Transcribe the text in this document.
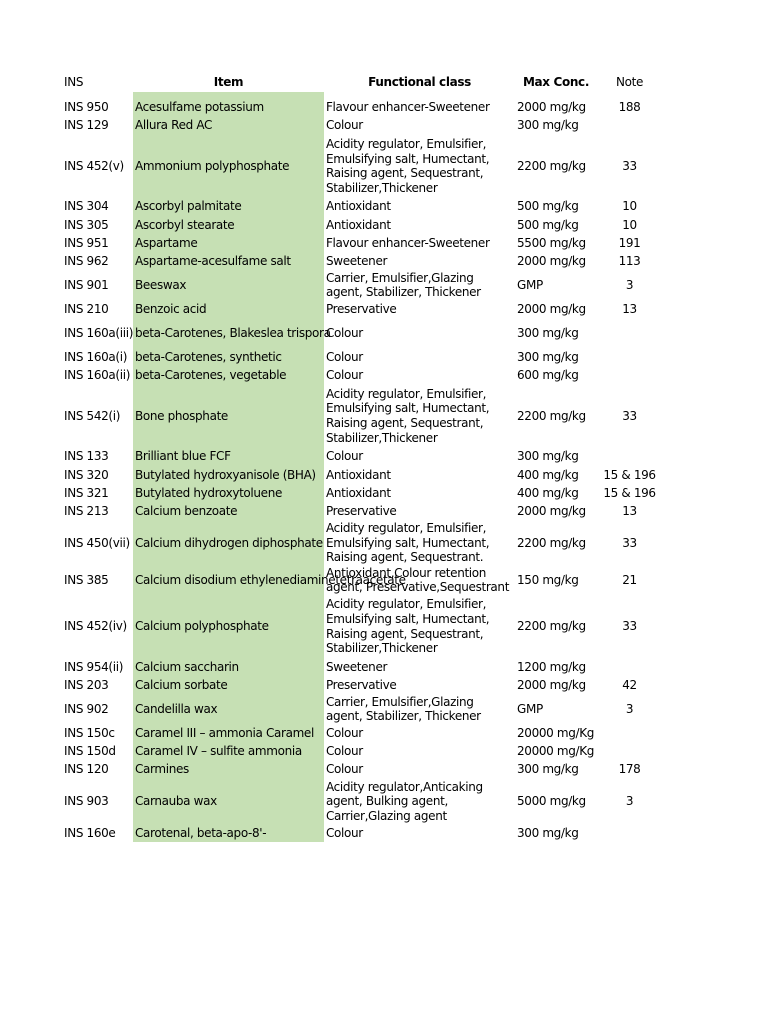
INS	Item	Functional class	Max Conc.	Note

INS 950	Acesulfame potassium	Flavour enhancer-Sweetener	2000 mg/kg	188
INS 129	Allura Red AC	Colour	300 mg/kg	
INS 452(v)	Ammonium polyphosphate	Acidity regulator, Emulsifier, Emulsifying salt, Humectant, Raising agent, Sequestrant, Stabilizer,Thickener	2200 mg/kg	33
INS 304	Ascorbyl palmitate	Antioxidant	500 mg/kg	10
INS 305	Ascorbyl stearate	Antioxidant	500 mg/kg	10
INS 951	Aspartame	Flavour enhancer-Sweetener	5500 mg/kg	191
INS 962	Aspartame-acesulfame salt	Sweetener	2000 mg/kg	113
INS 901	Beeswax	Carrier, Emulsifier,Glazing agent, Stabilizer, Thickener	GMP	3
INS 210	Benzoic acid	Preservative	2000 mg/kg	13
INS 160a(iii)	beta-Carotenes, Blakeslea trispora	Colour	300 mg/kg	
INS 160a(i)	beta-Carotenes, synthetic	Colour	300 mg/kg	
INS 160a(ii)	beta-Carotenes, vegetable	Colour	600 mg/kg	
INS 542(i)	Bone phosphate	Acidity regulator, Emulsifier, Emulsifying salt, Humectant, Raising agent, Sequestrant, Stabilizer,Thickener	2200 mg/kg	33
INS 133	Brilliant blue FCF	Colour	300 mg/kg	
INS 320	Butylated hydroxyanisole (BHA)	Antioxidant	400 mg/kg	15 & 196
INS 321	Butylated hydroxytoluene	Antioxidant	400 mg/kg	15 & 196
INS 213	Calcium benzoate	Preservative	2000 mg/kg	13
INS 450(vii)	Calcium dihydrogen diphosphate	Acidity regulator, Emulsifier, Emulsifying salt, Humectant, Raising agent, Sequestrant.	2200 mg/kg	33
INS 385	Calcium disodium ethylenediaminetetraacetate	Antioxidant,Colour retention agent, Preservative,Sequestrant	150 mg/kg	21
INS 452(iv)	Calcium polyphosphate	Acidity regulator, Emulsifier, Emulsifying salt, Humectant, Raising agent, Sequestrant, Stabilizer,Thickener	2200 mg/kg	33
INS 954(ii)	Calcium saccharin	Sweetener	1200 mg/kg	
INS 203	Calcium sorbate	Preservative	2000 mg/kg	42
INS 902	Candelilla wax	Carrier, Emulsifier,Glazing agent, Stabilizer, Thickener	GMP	3
INS 150c	Caramel III – ammonia Caramel	Colour	20000 mg/Kg	
INS 150d	Caramel IV – sulfite ammonia	Colour	20000 mg/Kg	
INS 120	Carmines	Colour	300 mg/kg	178
INS 903	Carnauba wax	Acidity regulator,Anticaking agent, Bulking agent, Carrier,Glazing agent	5000 mg/kg	3
INS 160e	Carotenal, beta-apo-8'-	Colour	300 mg/kg	
